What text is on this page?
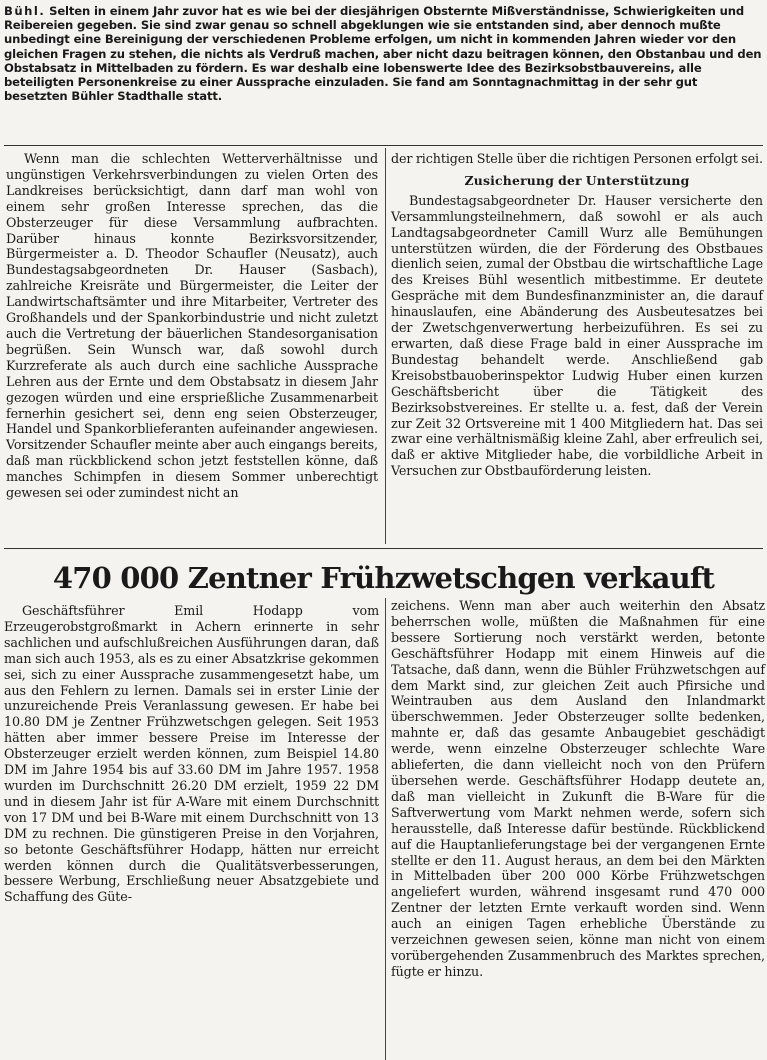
Bühl. Selten in einem Jahr zuvor hat es wie bei der diesjährigen Obsternte Mißverständnisse, Schwierigkeiten und Reibereien gegeben. Sie sind zwar genau so schnell abgeklungen wie sie entstanden sind, aber dennoch mußte unbedingt eine Bereinigung der verschiedenen Probleme erfolgen, um nicht in kommenden Jahren wieder vor den gleichen Fragen zu stehen, die nichts als Verdruß machen, aber nicht dazu beitragen können, den Obstanbau und den Obstabsatz in Mittelbaden zu fördern. Es war deshalb eine lobenswerte Idee des Bezirksobstbauvereins, alle beteiligten Personenkreise zu einer Aussprache einzuladen. Sie fand am Sonntagnachmittag in der sehr gut besetzten Bühler Stadthalle statt.

Wenn man die schlechten Wetterverhältnisse und ungünstigen Verkehrsverbindungen zu vielen Orten des Landkreises berücksichtigt, dann darf man wohl von einem sehr großen Interesse sprechen, das die Obsterzeuger für diese Versammlung aufbrachten. Darüber hinaus konnte Bezirksvorsitzender, Bürgermeister a. D. Theodor Schaufler (Neusatz), auch Bundestagsabgeordneten Dr. Hauser (Sasbach), zahlreiche Kreisräte und Bürgermeister, die Leiter der Landwirtschaftsämter und ihre Mitarbeiter, Vertreter des Großhandels und der Spankorbindustrie und nicht zuletzt auch die Vertretung der bäuerlichen Standesorganisation begrüßen. Sein Wunsch war, daß sowohl durch Kurzreferate als auch durch eine sachliche Aussprache Lehren aus der Ernte und dem Obstabsatz in diesem Jahr gezogen würden und eine ersprießliche Zusammenarbeit fernerhin gesichert sei, denn eng seien Obsterzeuger, Handel und Spankorblieferanten aufeinander angewiesen. Vorsitzender Schaufler meinte aber auch eingangs bereits, daß man rückblickend schon jetzt feststellen könne, daß manches Schimpfen in diesem Sommer unberechtigt gewesen sei oder zumindest nicht an

der richtigen Stelle über die richtigen Personen erfolgt sei.

Zusicherung der Unterstützung

Bundestagsabgeordneter Dr. Hauser versicherte den Versammlungsteilnehmern, daß sowohl er als auch Landtagsabgeordneter Camill Wurz alle Bemühungen unterstützen würden, die der Förderung des Obstbaues dienlich seien, zumal der Obstbau die wirtschaftliche Lage des Kreises Bühl wesentlich mitbestimme. Er deutete Gespräche mit dem Bundesfinanzminister an, die darauf hinauslaufen, eine Abänderung des Ausbeutesatzes bei der Zwetschgenverwertung herbeizuführen. Es sei zu erwarten, daß diese Frage bald in einer Aussprache im Bundestag behandelt werde. Anschließend gab Kreisobstbauoberinspektor Ludwig Huber einen kurzen Geschäftsbericht über die Tätigkeit des Bezirksobstvereines. Er stellte u. a. fest, daß der Verein zur Zeit 32 Ortsvereine mit 1 400 Mitgliedern hat. Das sei zwar eine verhältnismäßig kleine Zahl, aber erfreulich sei, daß er aktive Mitglieder habe, die vorbildliche Arbeit in Versuchen zur Obstbauförderung leisten.

470 000 Zentner Frühzwetschgen verkauft

Geschäftsführer Emil Hodapp vom Erzeugerobstgroßmarkt in Achern erinnerte in sehr sachlichen und aufschlußreichen Ausführungen daran, daß man sich auch 1953, als es zu einer Absatzkrise gekommen sei, sich zu einer Aussprache zusammengesetzt habe, um aus den Fehlern zu lernen. Damals sei in erster Linie der unzureichende Preis Veranlassung gewesen. Er habe bei 10.80 DM je Zentner Frühzwetschgen gelegen. Seit 1953 hätten aber immer bessere Preise im Interesse der Obsterzeuger erzielt werden können, zum Beispiel 14.80 DM im Jahre 1954 bis auf 33.60 DM im Jahre 1957. 1958 wurden im Durchschnitt 26.20 DM erzielt, 1959 22 DM und in diesem Jahr ist für A-Ware mit einem Durchschnitt von 17 DM und bei B-Ware mit einem Durchschnitt von 13 DM zu rechnen. Die günstigeren Preise in den Vorjahren, so betonte Geschäftsführer Hodapp, hätten nur erreicht werden können durch die Qualitätsverbesserungen, bessere Werbung, Erschließung neuer Absatzgebiete und Schaffung des Güte-

zeichens. Wenn man aber auch weiterhin den Absatz beherrschen wolle, müßten die Maßnahmen für eine bessere Sortierung noch verstärkt werden, betonte Geschäftsführer Hodapp mit einem Hinweis auf die Tatsache, daß dann, wenn die Bühler Frühzwetschgen auf dem Markt sind, zur gleichen Zeit auch Pfirsiche und Weintrauben aus dem Ausland den Inlandmarkt überschwemmen. Jeder Obsterzeuger sollte bedenken, mahnte er, daß das gesamte Anbaugebiet geschädigt werde, wenn einzelne Obsterzeuger schlechte Ware ablieferten, die dann vielleicht noch von den Prüfern übersehen werde. Geschäftsführer Hodapp deutete an, daß man vielleicht in Zukunft die B-Ware für die Saftverwertung vom Markt nehmen werde, sofern sich herausstelle, daß Interesse dafür bestünde. Rückblickend auf die Hauptanlieferungstage bei der vergangenen Ernte stellte er den 11. August heraus, an dem bei den Märkten in Mittelbaden über 200 000 Körbe Frühzwetschgen angeliefert wurden, während insgesamt rund 470 000 Zentner der letzten Ernte verkauft worden sind. Wenn auch an einigen Tagen erhebliche Überstände zu verzeichnen gewesen seien, könne man nicht von einem vorübergehenden Zusammenbruch des Marktes sprechen, fügte er hinzu.
